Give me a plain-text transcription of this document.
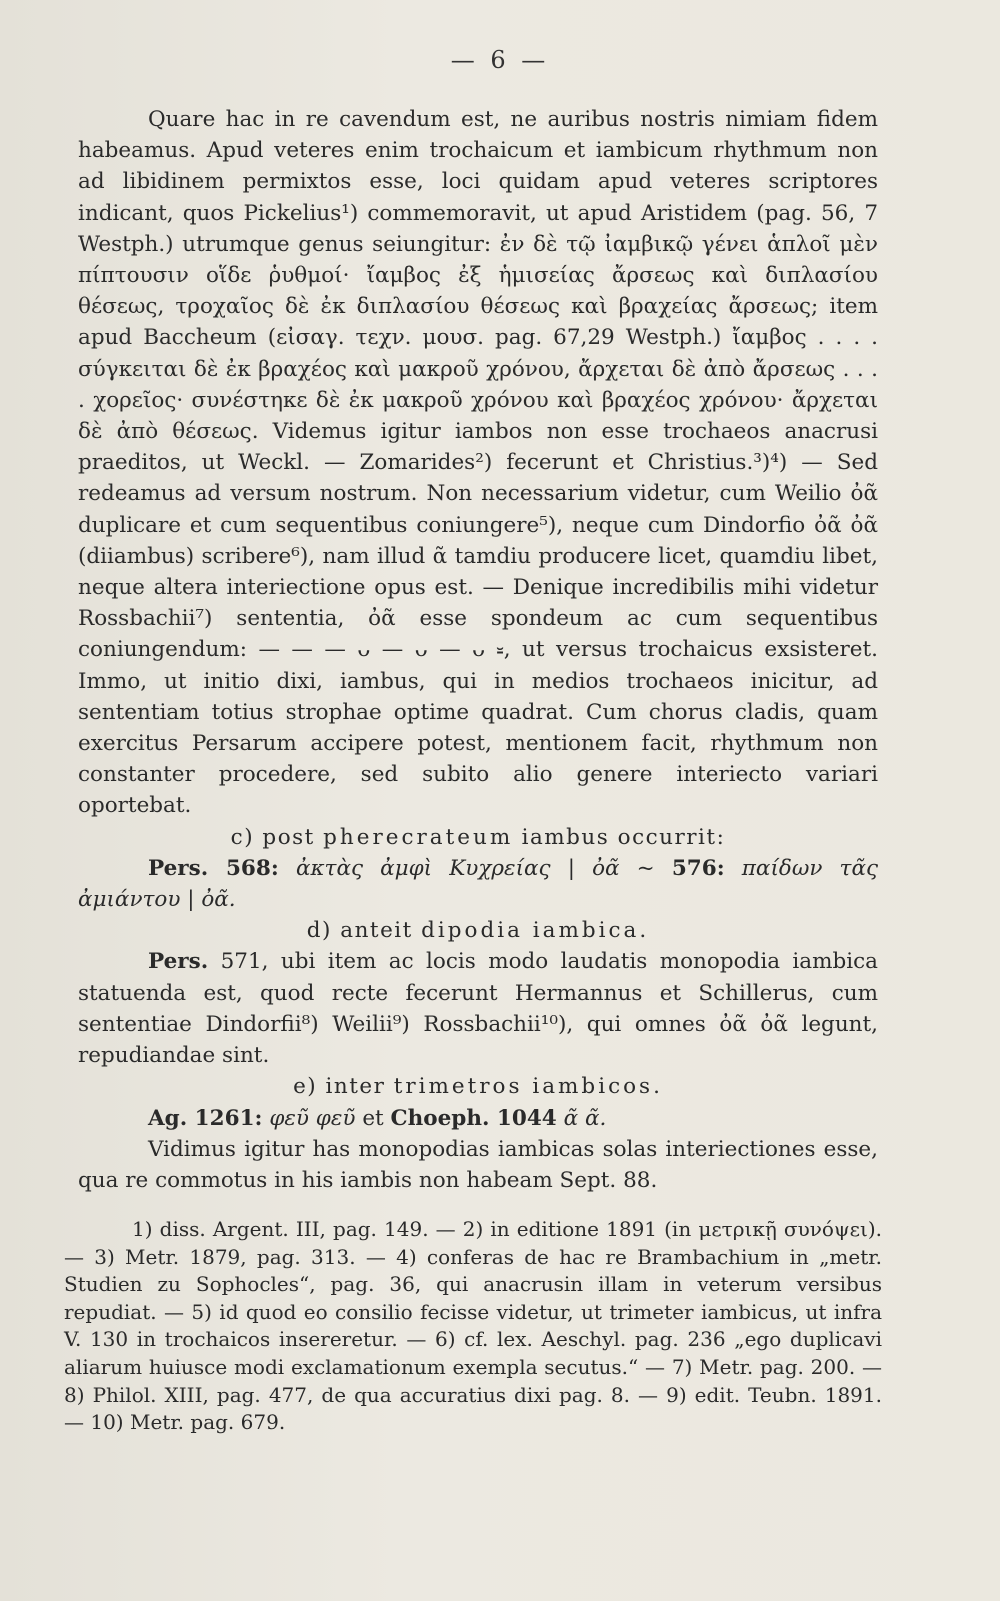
— 6 —

Quare hac in re cavendum est, ne auribus nostris nimiam fidem habeamus. Apud veteres enim trochaicum et iambicum rhythmum non ad libidinem permixtos esse, loci quidam apud veteres scriptores indicant, quos Pickelius¹) commemoravit, ut apud Aristidem (pag. 56, 7 Westph.) utrumque genus seiungitur: ἐν δὲ τῷ ἰαμβικῷ γένει ἁπλοῖ μὲν πίπτουσιν οἵδε ῥυθμοί· ἴαμβος ἐξ ἡμισείας ἄρσεως καὶ διπλασίου θέσεως, τροχαῖος δὲ ἐκ διπλασίου θέσεως καὶ βραχείας ἄρσεως; item apud Baccheum (εἰσαγ. τεχν. μουσ. pag. 67,29 Westph.) ἴαμβος . . . . σύγκειται δὲ ἐκ βραχέος καὶ μακροῦ χρόνου, ἄρχεται δὲ ἀπὸ ἄρσεως . . . . χορεῖος· συνέστηκε δὲ ἐκ μακροῦ χρόνου καὶ βραχέος χρόνου· ἄρχεται δὲ ἀπὸ θέσεως. Videmus igitur iambos non esse trochaeos anacrusi praeditos, ut Weckl. — Zomarides²) fecerunt et Christius.³)⁴) — Sed redeamus ad versum nostrum. Non necessarium videtur, cum Weilio ὀᾶ duplicare et cum sequentibus coniungere⁵), neque cum Dindorfio ὀᾶ ὀᾶ (diiambus) scribere⁶), nam illud ᾶ tamdiu producere licet, quamdiu libet, neque altera interiectione opus est. — Denique incredibilis mihi videtur Rossbachii⁷) sententia, ὀᾶ esse spondeum ac cum sequentibus coniungendum: — — — ᴗ — ᴗ — ᴗ ⏓, ut versus trochaicus exsisteret. Immo, ut initio dixi, iambus, qui in medios trochaeos inicitur, ad sententiam totius strophae optime quadrat. Cum chorus cladis, quam exercitus Persarum accipere potest, mentionem facit, rhythmum non constanter procedere, sed subito alio genere interiecto variari oportebat.

c) post pherecrateum iambus occurrit:

Pers. 568: ἀκτὰς ἀμφὶ Κυχρείας | ὀᾶ ~ 576: παίδων τᾶς ἀμιάντου | ὀᾶ.

d) anteit dipodia iambica.

Pers. 571, ubi item ac locis modo laudatis monopodia iambica statuenda est, quod recte fecerunt Hermannus et Schillerus, cum sententiae Dindorfii⁸) Weilii⁹) Rossbachii¹⁰), qui omnes ὀᾶ ὀᾶ legunt, repudiandae sint.

e) inter trimetros iambicos.

Ag. 1261: φεῦ φεῦ et Choeph. 1044 ᾶ ᾶ.

Vidimus igitur has monopodias iambicas solas interiectiones esse, qua re commotus in his iambis non habeam Sept. 88.

1) diss. Argent. III, pag. 149. — 2) in editione 1891 (in μετρικῇ συνόψει). — 3) Metr. 1879, pag. 313. — 4) conferas de hac re Brambachium in „metr. Studien zu Sophocles“, pag. 36, qui anacrusin illam in veterum versibus repudiat. — 5) id quod eo consilio fecisse videtur, ut trimeter iambicus, ut infra V. 130 in trochaicos insereretur. — 6) cf. lex. Aeschyl. pag. 236 „ego duplicavi aliarum huiusce modi exclamationum exempla secutus.“ — 7) Metr. pag. 200. — 8) Philol. XIII, pag. 477, de qua accuratius dixi pag. 8. — 9) edit. Teubn. 1891. — 10) Metr. pag. 679.
